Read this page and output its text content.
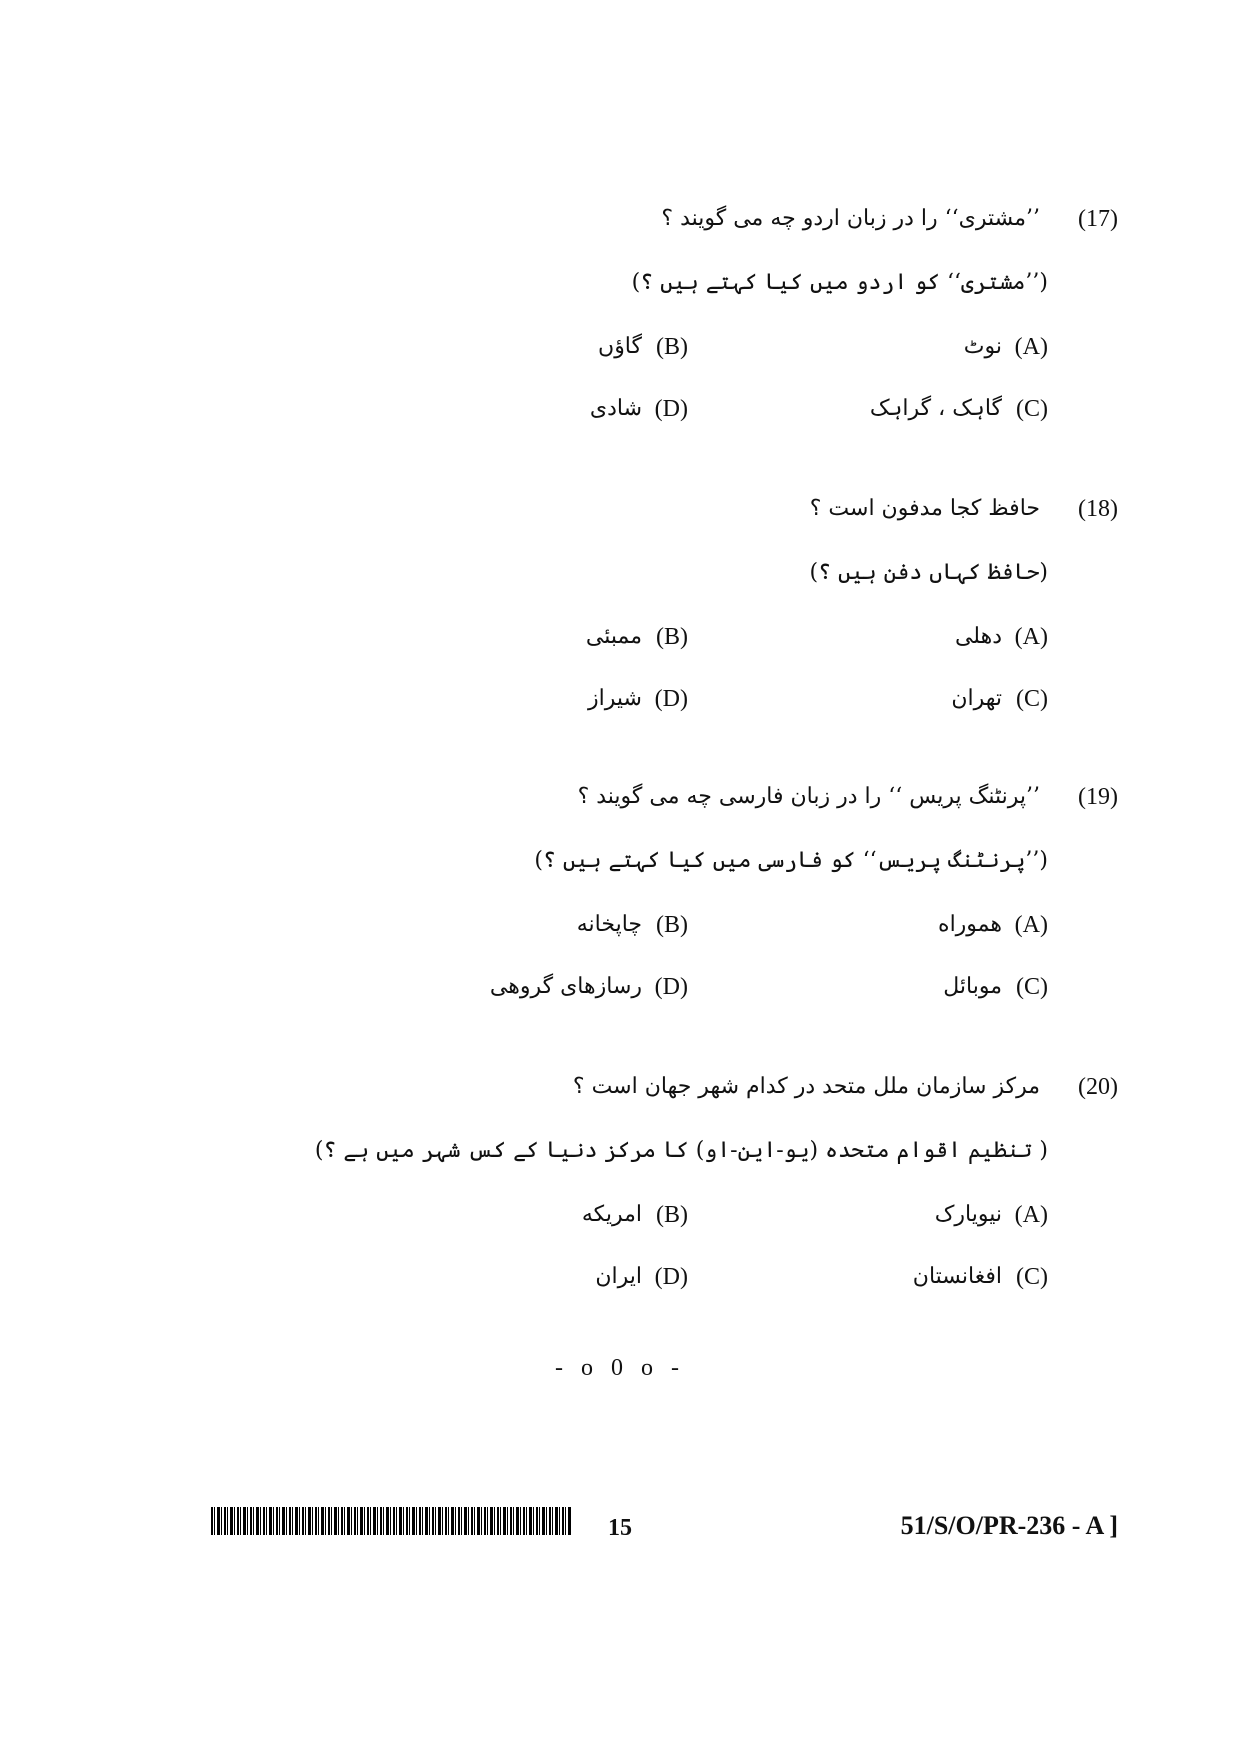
(17)
’’مشتری‘‘ را در زبان اردو چه می گویند ؟
(’’مشتری‘‘ کو اردو میں کیا کہتے ہیں ؟)
(A)
نوٹ
(B)
گاؤں
(C)
گاہک ، گراہک
(D)
شادی
(18)
حافظ کجا مدفون است ؟
(حافظ کہاں دفن ہیں ؟)
(A)
دهلی
(B)
ممبئی
(C)
تهران
(D)
شیراز
(19)
’’پرنٹنگ پریس ‘‘ را در زبان فارسی چه می گویند ؟
(’’پرنٹنگ پریس‘‘ کو فارسی میں کیا کہتے ہیں ؟)
(A)
هموراه
(B)
چاپخانه
(C)
موبائل
(D)
رسازهای گروهی
(20)
مرکز سازمان ملل متحد در کدام شهر جهان است ؟
( تنظیم اقوام متحده (یو-این-او) کا مرکز دنیا کے کس شہر میں ہے ؟)
(A)
نیویارک
(B)
امریکه
(C)
افغانستان
(D)
ایران
- o 0 o -
15	51/S/O/PR-236 - A ]
